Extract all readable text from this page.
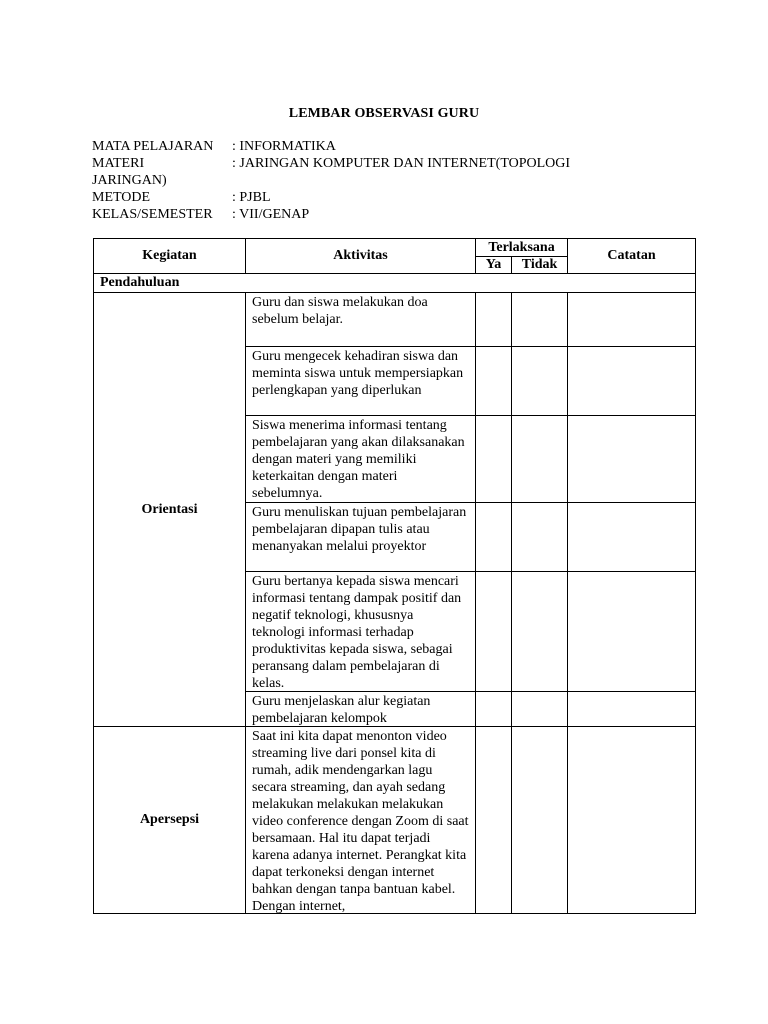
LEMBAR OBSERVASI GURU
MATA PELAJARAN	: INFORMATIKA
MATERI	: JARINGAN KOMPUTER DAN INTERNET(TOPOLOGI
JARINGAN)
METODE	: PJBL
KELAS/SEMESTER	: VII/GENAP
Kegiatan	Aktivitas	Terlaksana		Catatan
		Ya	Tidak	
Pendahuluan				
Orientasi	Guru dan siswa melakukan doa sebelum belajar.			

	Guru mengecek kehadiran siswa dan meminta siswa untuk mempersiapkan perlengkapan yang diperlukan			

	Siswa menerima informasi tentang pembelajaran yang akan dilaksanakan dengan materi yang memiliki keterkaitan dengan materi sebelumnya.			

	Guru menuliskan tujuan pembelajaran pembelajaran dipapan tulis atau menanyakan melalui proyektor			

	Guru bertanya kepada siswa mencari informasi tentang dampak positif dan negatif teknologi, khususnya teknologi informasi terhadap produktivitas kepada siswa, sebagai peransang dalam pembelajaran di kelas.			

	Guru menjelaskan alur kegiatan pembelajaran kelompok			

Apersepsi	Saat ini kita dapat menonton video streaming live dari ponsel kita di rumah, adik mendengarkan lagu secara streaming, dan ayah sedang melakukan melakukan melakukan video conference dengan Zoom di saat bersamaan. Hal itu dapat terjadi karena adanya internet. Perangkat kita dapat terkoneksi dengan internet bahkan dengan tanpa bantuan kabel. Dengan internet,			
